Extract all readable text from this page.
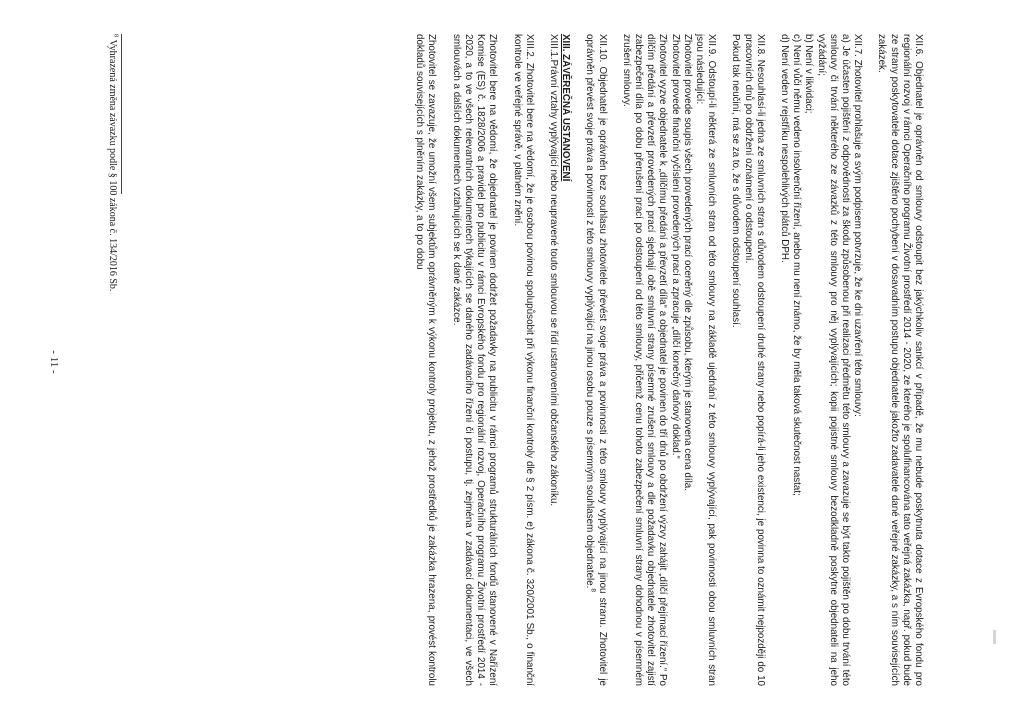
XII.6. Objednatel je oprávněn od smlouvy odstoupit bez jakýchkoliv sankcí v případě, že mu nebude poskytnuta dotace z Evropského fondu pro regionální rozvoj v rámci Operačního programu Životní prostředí 2014 - 2020, ze kterého je spolufinancována tato veřejná zakázka, např. pokud bude ze strany poskytovatele dotace zjištěno pochybení v dosavadním postupu objednatele jakožto zadavatele dané veřejné zakázky, a s ním souvisejících zakázek.

XII.7. Zhotovitel prohlašuje a svým podpisem potvrzuje, že ke dni uzavření této smlouvy:

a) Je účasten pojištění z odpovědnosti za škodu způsobenou při realizaci předmětu této smlouvy a zavazuje se být takto pojištěn po dobu trvání této smlouvy či trvání některého ze závazků z této smlouvy pro něj vyplývajících; kopii pojistné smlouvy bezodkladně poskytne objednateli na jeho vyžádání;

b) Není v likvidaci;

c) Není vůči němu vedeno insolvenční řízení, anebo mu není známo, že by měla taková skutečnost nastat;

d) Není veden v rejstříku nespolehlivých plátců DPH.

XII.8. Nesouhlasí-li jedna ze smluvních stran s důvodem odstoupení druhé strany nebo popírá-li jeho existenci, je povinna to oznámit nejpozději do 10 pracovních dnů po obdržení oznámení o odstoupení.

Pokud tak neučiní, má se za to, že s důvodem odstoupení souhlasí.

XII.9. Odstoupí-li některá ze smluvních stran od této smlouvy na základě ujednání z této smlouvy vyplývající, pak povinnosti obou smluvních stran jsou následující:

Zhotovitel provede soupis všech provedených prací oceněný dle způsobu, kterým je stanovena cena díla.

Zhotovitel provede finanční vyčíslení provedených prací a zpracuje „dílčí konečný daňový doklad.“

Zhotovitel vyzve objednatele k „dílčímu předání a převzetí díla“ a objednatel je povinen do tří dnů po obdržení výzvy zahájit „dílčí přejímací řízení.“ Po dílčím předání a převzetí provedených prací sjednají obě smluvní strany písemné zrušení smlouvy a dle požadavku objednatele zhotovitel zajistí zabezpečení díla po dobu přerušení prací po odstoupení od této smlouvy, přičemž cenu tohoto zabezpečení smluvní strany dohodnou v písemném zrušení smlouvy.

XII.10. Objednatel je oprávněn bez souhlasu zhotovitele převést svoje práva a povinnosti z této smlouvy vyplývající na jinou stranu. Zhotovitel je oprávněn převést svoje práva a povinnosti z této smlouvy vyplývající na jinou osobu pouze s písemným souhlasem objednatele.$^8$

XIII. ZÁVĚREČNÁ USTANOVENÍ

XIII.1.Právní vztahy vyplývající nebo neupravené touto smlouvou se řídí ustanoveními občanského zákoníku.

XIII.2. Zhotovitel bere na vědomí, že je osobou povinou spolupůsobit při výkonu finanční kontroly dle § 2 písm. e) zákona č. 320/2001 Sb., o finanční kontrole ve veřejné správě, v platném znění.

Zhotovitel bere na vědomí, že objednatel je povinen dodržet požadavky na publicitu v rámci programů strukturálních fondů stanovené v Nařízení Komise (ES) č. 1828/2006 a pravidel pro publicitu v rámci Evropského fondu pro regionální rozvoj, Operačního programu Životní prostředí 2014 - 2020, a to ve všech relevantních dokumentech týkajících se daného zadávacího řízení či postupu, tj. zejména v zadávací dokumentaci, ve všech smlouvách a dalších dokumentech vztahujících se k dané zakázce.

Zhotovitel se zavazuje, že umožní všem subjektům oprávněným k výkonu kontroly projektu, z jehož prostředků je zakázka hrazena, provést kontrolu dokladů souvisejících s plněním zakázky, a to po dobu

$^8$ Vyhrazená změna závazku podle § 100 zákona č. 134/2016 Sb.

- 11 -
